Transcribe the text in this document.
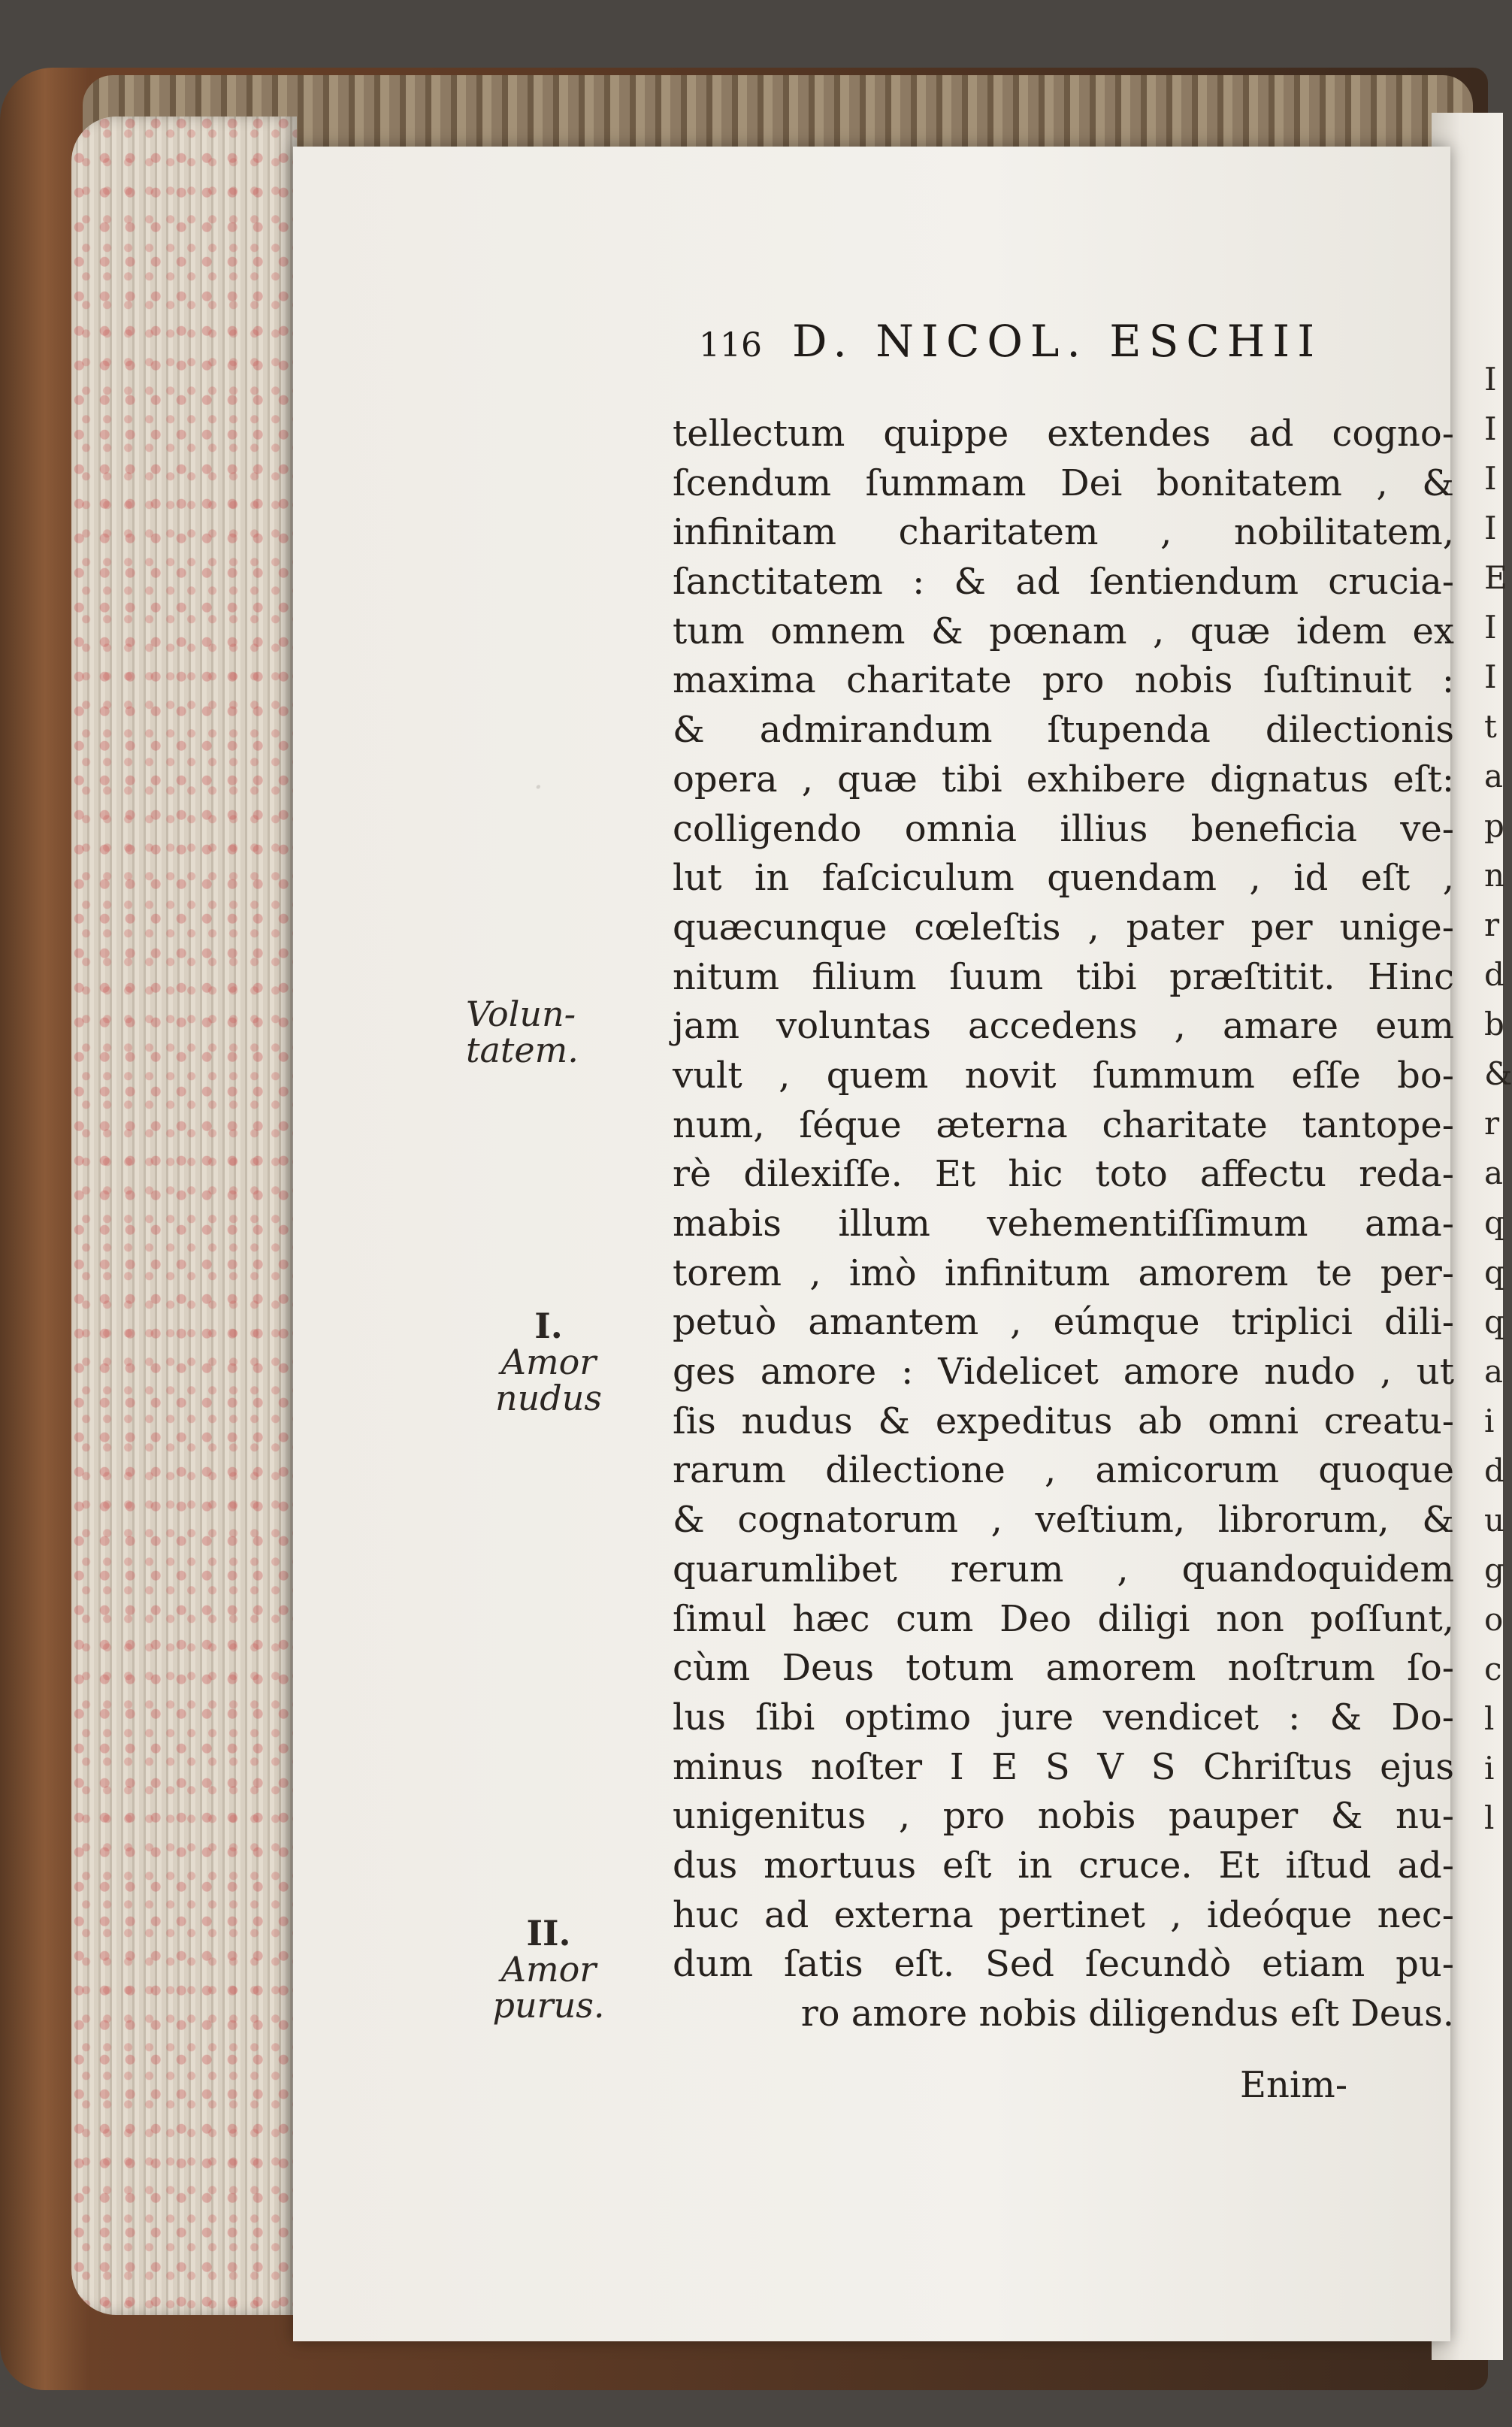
I
I
I
I
E
I
I
t
a
p
n
r
d
b
&
r
a
q
q
q
a
i
d
u
g
o
c
l
i
l
·
116 D. NICOL. ESCHII
Volun-
tatem.
I.
Amor
nudus
II.
Amor
purus.
tellectum quippe extendes ad cogno-
ſcendum ſummam Dei bonitatem , &
infinitam charitatem , nobilitatem,
ſanctitatem : & ad ſentiendum crucia-
tum omnem & pœnam , quæ idem ex
maxima charitate pro nobis ſuſtinuit :
& admirandum ſtupenda dilectionis
opera , quæ tibi exhibere dignatus eſt:
colligendo omnia illius beneficia ve-
lut in faſciculum quendam , id eſt ,
quæcunque cœleſtis , pater per unige-
nitum filium ſuum tibi præſtitit. Hinc
jam voluntas accedens , amare eum
vult , quem novit ſummum eſſe bo-
num, ſéque æterna charitate tantope-
rè dilexiſſe. Et hic toto affectu reda-
mabis illum vehementiſſimum ama-
torem , imò infinitum amorem te per-
petuò amantem , eúmque triplici dili-
ges amore : Videlicet amore nudo , ut
ſis nudus & expeditus ab omni creatu-
rarum dilectione , amicorum quoque
& cognatorum , veſtium, librorum, &
quarumlibet rerum , quandoquidem
ſimul hæc cum Deo diligi non poſſunt,
cùm Deus totum amorem noſtrum ſo-
lus ſibi optimo jure vendicet : & Do-
minus noſter I E S V S Chriſtus ejus
unigenitus , pro nobis pauper & nu-
dus mortuus eſt in cruce. Et iſtud ad-
huc ad externa pertinet , ideóque nec-
dum ſatis eſt. Sed ſecundò etiam pu-
ro amore nobis diligendus eſt Deus.
Enim-
